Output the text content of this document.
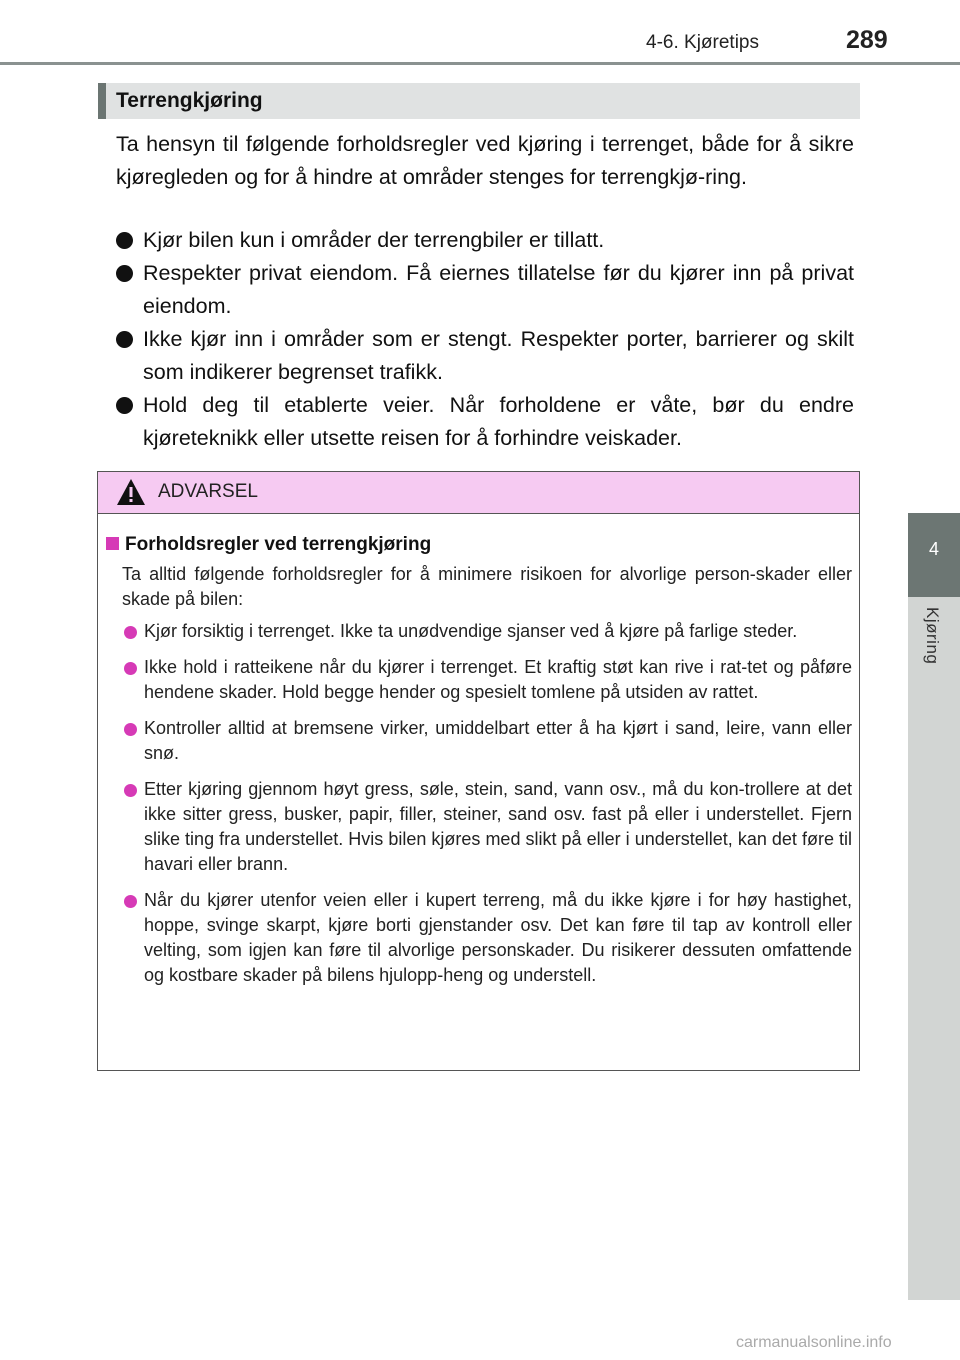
4-6. Kjøretips	289
4
Kjøring
Terrengkjøring

Ta hensyn til følgende forholdsregler ved kjøring i terrenget, både for å sikre kjøregleden og for å hindre at områder stenges for terrengkjø-ring.

Kjør bilen kun i områder der terrengbiler er tillatt.
Respekter privat eiendom. Få eiernes tillatelse før du kjører inn på privat eiendom.
Ikke kjør inn i områder som er stengt. Respekter porter, barrierer og skilt som indikerer begrenset trafikk.
Hold deg til etablerte veier. Når forholdene er våte, bør du endre kjøreteknikk eller utsette reisen for å forhindre veiskader.
ADVARSEL
Forholdsregler ved terrengkjøring

Ta alltid følgende forholdsregler for å minimere risikoen for alvorlige person-skader eller skade på bilen:

Kjør forsiktig i terrenget. Ikke ta unødvendige sjanser ved å kjøre på farlige steder.
Ikke hold i ratteikene når du kjører i terrenget. Et kraftig støt kan rive i rat-tet og påføre hendene skader. Hold begge hender og spesielt tomlene på utsiden av rattet.
Kontroller alltid at bremsene virker, umiddelbart etter å ha kjørt i sand, leire, vann eller snø.
Etter kjøring gjennom høyt gress, søle, stein, sand, vann osv., må du kon-trollere at det ikke sitter gress, busker, papir, filler, steiner, sand osv. fast på eller i understellet. Fjern slike ting fra understellet. Hvis bilen kjøres med slikt på eller i understellet, kan det føre til havari eller brann.
Når du kjører utenfor veien eller i kupert terreng, må du ikke kjøre i for høy hastighet, hoppe, svinge skarpt, kjøre borti gjenstander osv. Det kan føre til tap av kontroll eller velting, som igjen kan føre til alvorlige personskader. Du risikerer dessuten omfattende og kostbare skader på bilens hjulopp-heng og understell.
carmanualsonline.info
